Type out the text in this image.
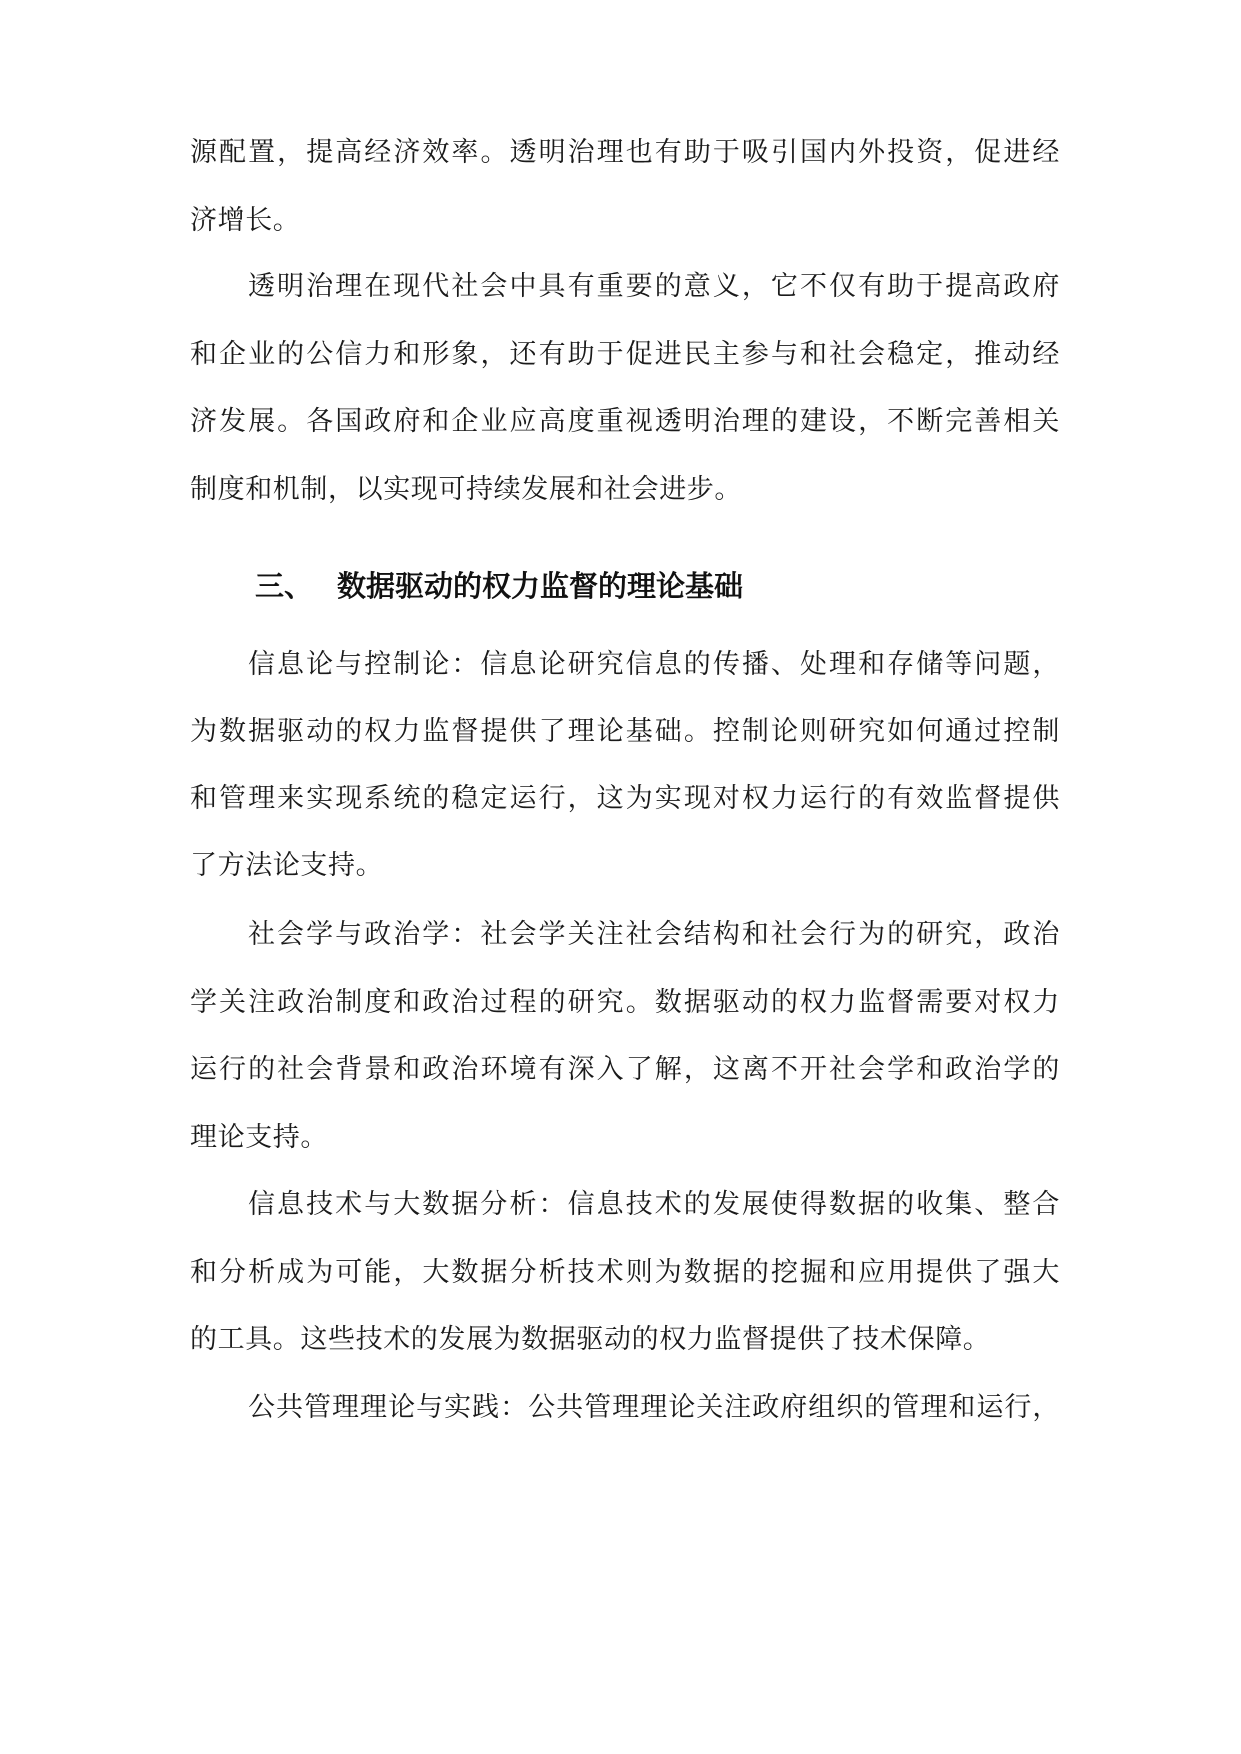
源配置，提高经济效率。透明治理也有助于吸引国内外投资，促进经
济增长。
透明治理在现代社会中具有重要的意义，它不仅有助于提高政府
和企业的公信力和形象，还有助于促进民主参与和社会稳定，推动经
济发展。各国政府和企业应高度重视透明治理的建设，不断完善相关
制度和机制，以实现可持续发展和社会进步。
三、 数据驱动的权力监督的理论基础
信息论与控制论：信息论研究信息的传播、处理和存储等问题，
为数据驱动的权力监督提供了理论基础。控制论则研究如何通过控制
和管理来实现系统的稳定运行，这为实现对权力运行的有效监督提供
了方法论支持。
社会学与政治学：社会学关注社会结构和社会行为的研究，政治
学关注政治制度和政治过程的研究。数据驱动的权力监督需要对权力
运行的社会背景和政治环境有深入了解，这离不开社会学和政治学的
理论支持。
信息技术与大数据分析：信息技术的发展使得数据的收集、整合
和分析成为可能，大数据分析技术则为数据的挖掘和应用提供了强大
的工具。这些技术的发展为数据驱动的权力监督提供了技术保障。
公共管理理论与实践：公共管理理论关注政府组织的管理和运行，
